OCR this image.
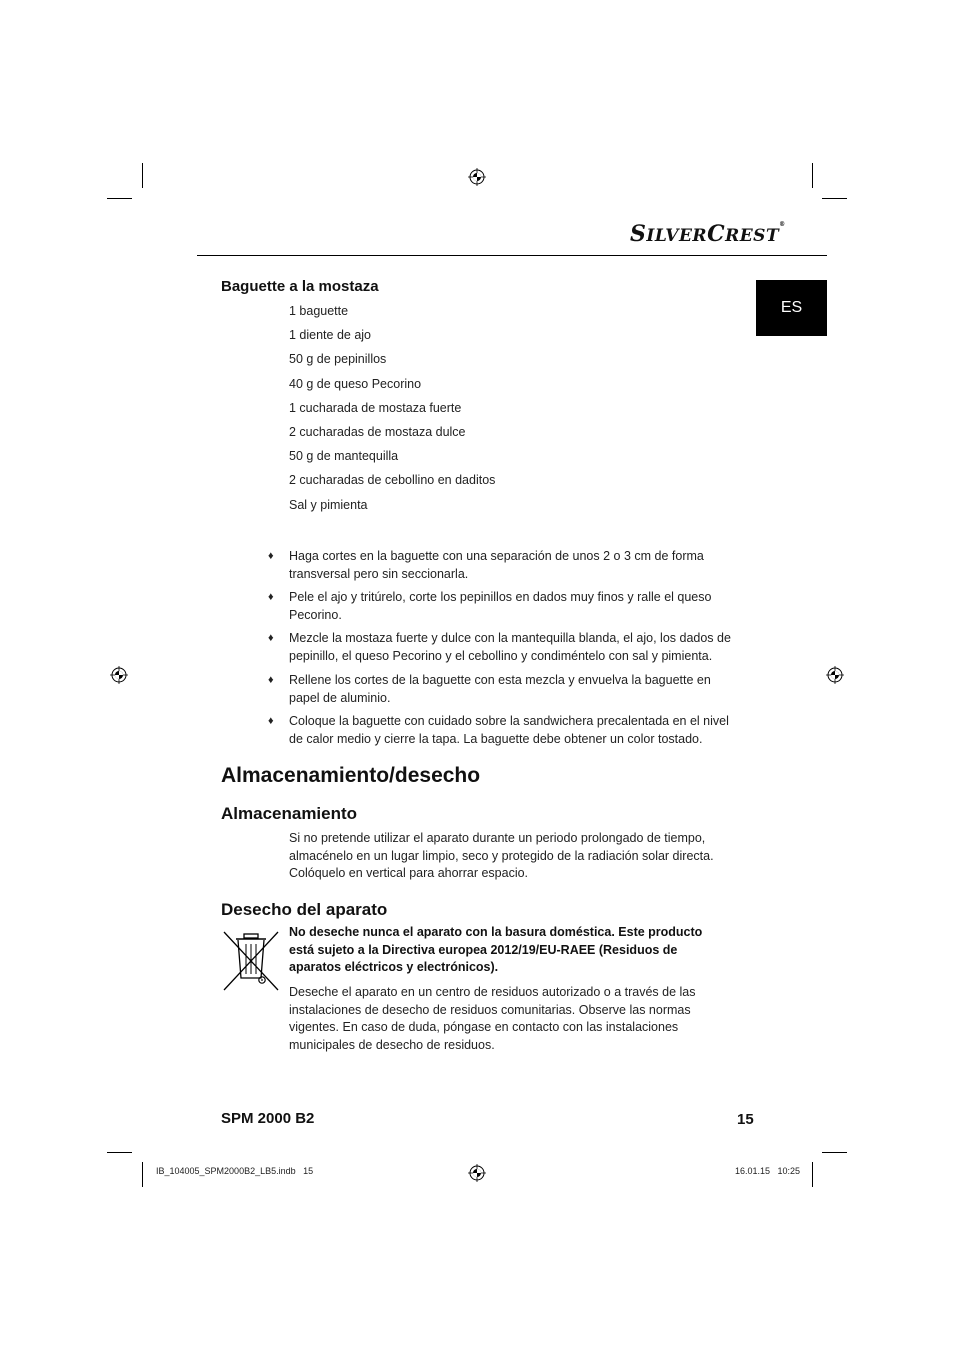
SILVERCREST®
ES
Baguette a la mostaza
1 baguette
1 diente de ajo
50 g de pepinillos
40 g de queso Pecorino
1 cucharada de mostaza fuerte
2 cucharadas de mostaza dulce
50 g de mantequilla
2 cucharadas de cebollino en daditos
Sal y pimienta
♦ Haga cortes en la baguette con una separación de unos 2 o 3 cm de forma transversal pero sin seccionarla.
♦ Pele el ajo y tritúrelo, corte los pepinillos en dados muy finos y ralle el queso Pecorino.
♦ Mezcle la mostaza fuerte y dulce con la mantequilla blanda, el ajo, los dados de pepinillo, el queso Pecorino y el cebollino y condiméntelo con sal y pimienta.
♦ Rellene los cortes de la baguette con esta mezcla y envuelva la baguette en papel de aluminio.
♦ Coloque la baguette con cuidado sobre la sandwichera precalentada en el nivel de calor medio y cierre la tapa. La baguette debe obtener un color tostado.
Almacenamiento/desecho
Almacenamiento
Si no pretende utilizar el aparato durante un periodo prolongado de tiempo, almacénelo en un lugar limpio, seco y protegido de la radiación solar directa. Colóquelo en vertical para ahorrar espacio.
Desecho del aparato
No deseche nunca el aparato con la basura doméstica. Este producto está sujeto a la Directiva europea 2012/19/EU-RAEE (Residuos de aparatos eléctricos y electrónicos).
Deseche el aparato en un centro de residuos autorizado o a través de las instalaciones de desecho de residuos comunitarias. Observe las normas vigentes. En caso de duda, póngase en contacto con las instalaciones municipales de desecho de residuos.
SPM 2000 B2	15
IB_104005_SPM2000B2_LB5.indb   15	16.01.15   10:25
